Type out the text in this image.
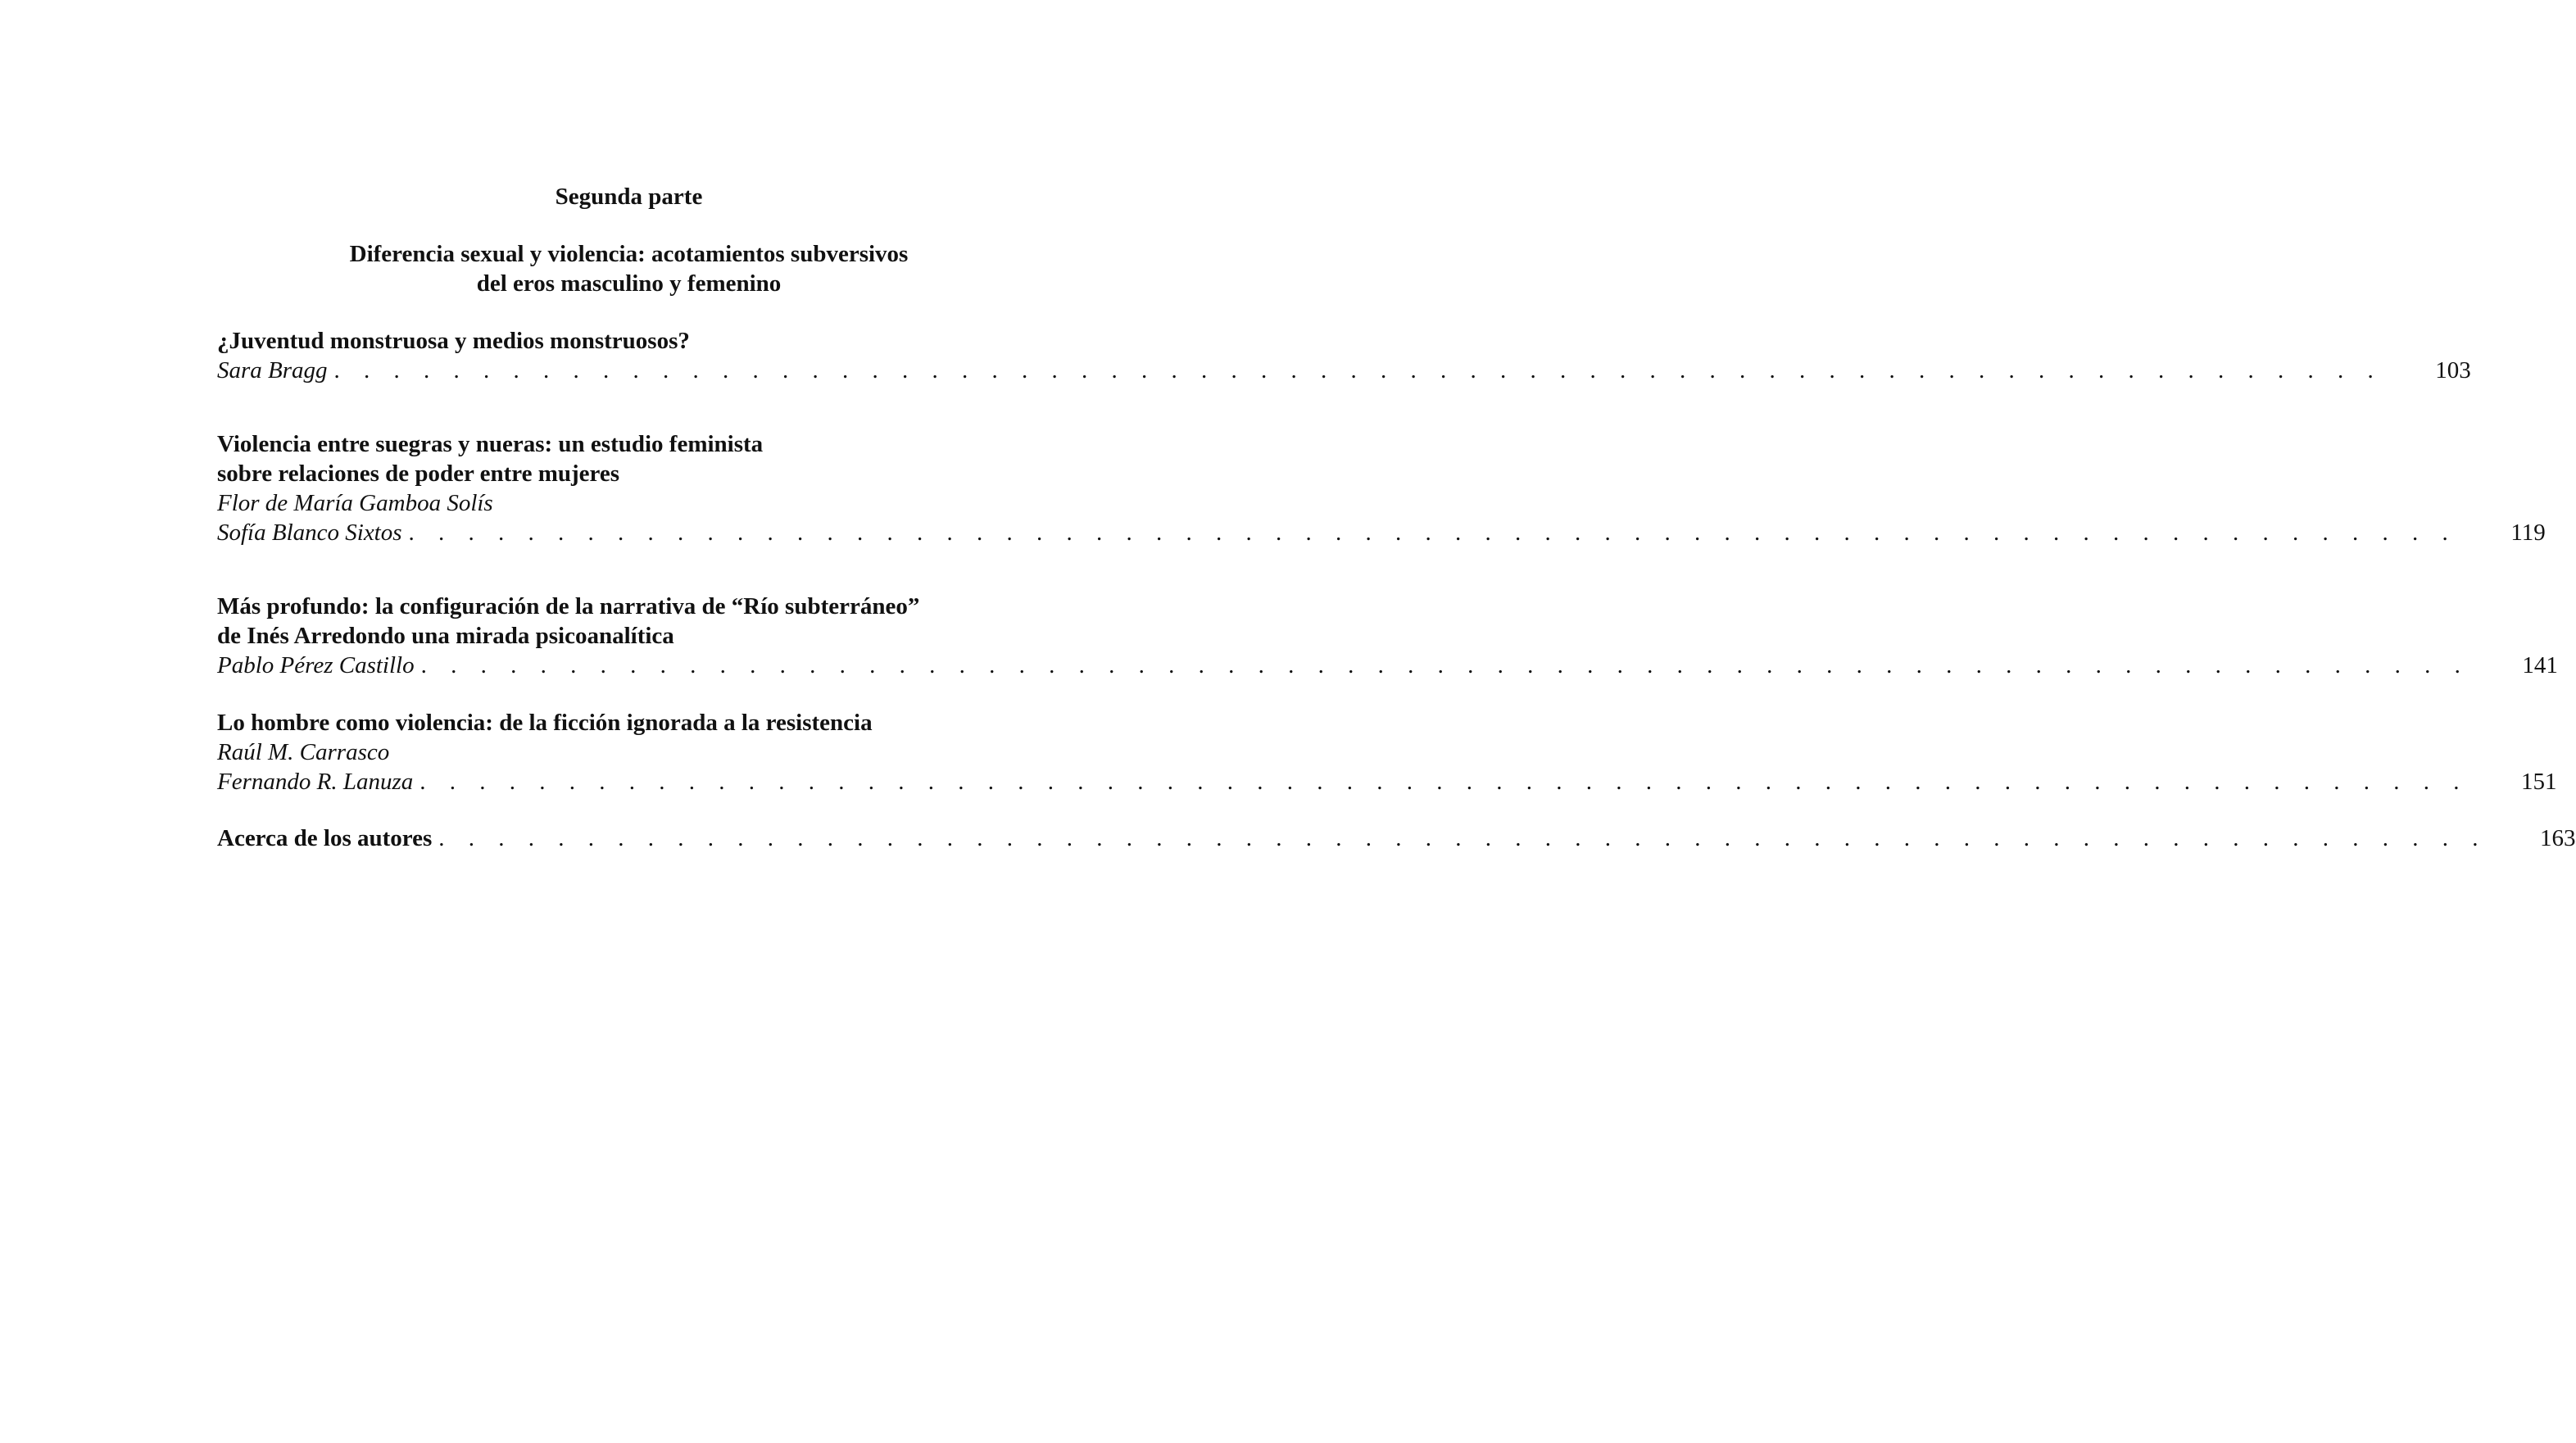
Segunda parte
Diferencia sexual y violencia: acotamientos subversivos
del eros masculino y femenino
¿Juventud monstruosa y medios monstruosos?
Sara Bragg . . . . . . . . . . . . . . . . . . . . . . . . . . . . . . . . . . . . . . . . . . . . . . . . . . . . . . . . . . . . . . . . . . . . . 103
Violencia entre suegras y nueras: un estudio feminista
sobre relaciones de poder entre mujeres
Flor de María Gamboa Solís
Sofía Blanco Sixtos . . . . . . . . . . . . . . . . . . . . . . . . . . . . . . . . . . . . . . . . . . . . . . . . . . . . . . . . . . . . . . . . . . . . . 119
Más profundo: la configuración de la narrativa de “Río subterráneo”
de Inés Arredondo una mirada psicoanalítica
Pablo Pérez Castillo . . . . . . . . . . . . . . . . . . . . . . . . . . . . . . . . . . . . . . . . . . . . . . . . . . . . . . . . . . . . . . . . . . . . . 141
Lo hombre como violencia: de la ficción ignorada a la resistencia
Raúl M. Carrasco
Fernando R. Lanuza . . . . . . . . . . . . . . . . . . . . . . . . . . . . . . . . . . . . . . . . . . . . . . . . . . . . . . . . . . . . . . . . . . . . . 151
Acerca de los autores . . . . . . . . . . . . . . . . . . . . . . . . . . . . . . . . . . . . . . . . . . . . . . . . . . . . . . . . . . . . . . . . . . . . . 163
